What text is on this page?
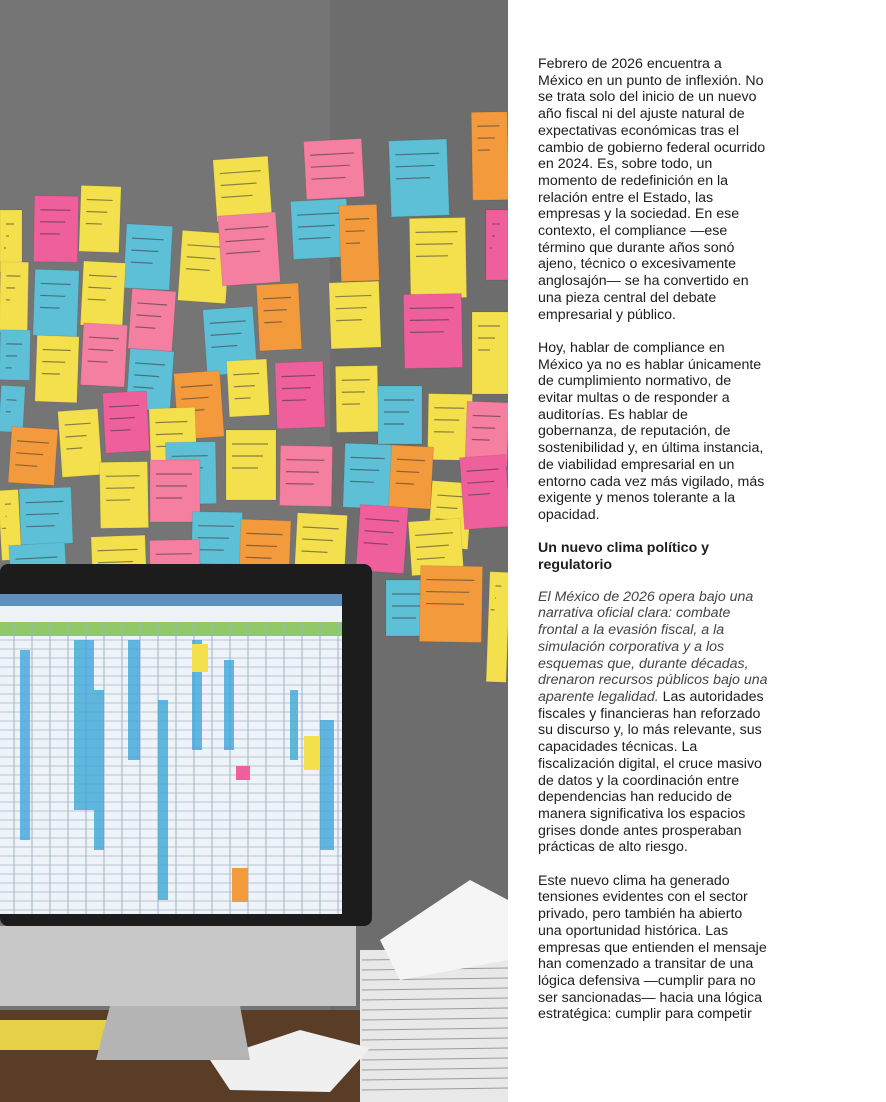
Febrero de 2026 encuentra a México en un punto de inflexión. No se trata solo del inicio de un nuevo año fiscal ni del ajuste natural de expectativas económicas tras el cambio de gobierno federal ocurrido en 2024. Es, sobre todo, un momento de redefinición en la relación entre el Estado, las empresas y la sociedad. En ese contexto, el compliance —ese término que durante años sonó ajeno, técnico o excesivamente anglosajón— se ha convertido en una pieza central del debate empresarial y público.

Hoy, hablar de compliance en México ya no es hablar únicamente de cumplimiento normativo, de evitar multas o de responder a auditorías. Es hablar de gobernanza, de reputación, de sostenibilidad y, en última instancia, de viabilidad empresarial en un entorno cada vez más vigilado, más exigente y menos tolerante a la opacidad.

Un nuevo clima político y regulatorio

El México de 2026 opera bajo una narrativa oficial clara: combate frontal a la evasión fiscal, a la simulación corporativa y a los esquemas que, durante décadas, drenaron recursos públicos bajo una aparente legalidad. Las autoridades fiscales y financieras han reforzado su discurso y, lo más relevante, sus capacidades técnicas. La fiscalización digital, el cruce masivo de datos y la coordinación entre dependencias han reducido de manera significativa los espacios grises donde antes prosperaban prácticas de alto riesgo.

Este nuevo clima ha generado tensiones evidentes con el sector privado, pero también ha abierto una oportunidad histórica. Las empresas que entienden el mensaje han comenzado a transitar de una lógica defensiva —cumplir para no ser sancionadas— hacia una lógica estratégica: cumplir para competir
